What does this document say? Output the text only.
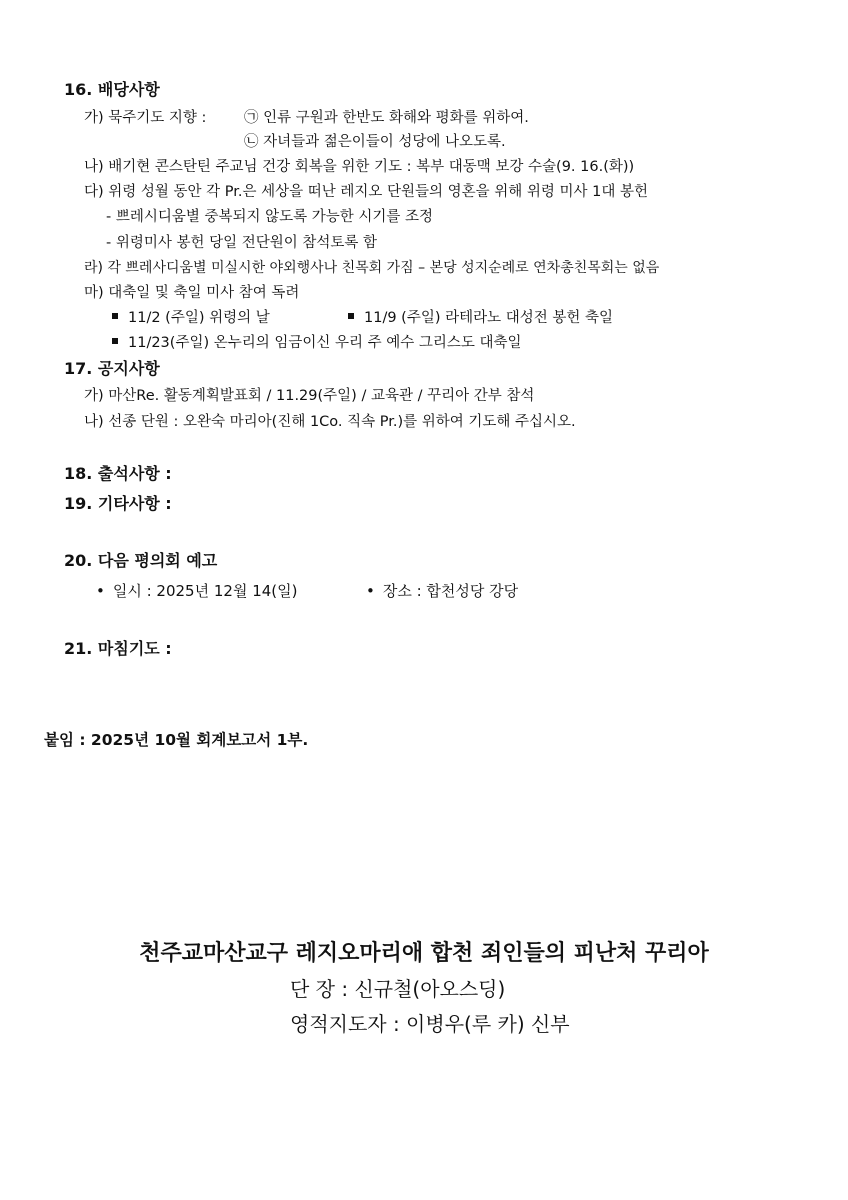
16. 배당사항
가) 묵주기도 지향 :	㉠ 인류 구원과 한반도 화해와 평화를 위하여.
㉡ 자녀들과 젊은이들이 성당에 나오도록.
나) 배기현 콘스탄틴 주교님 건강 회복을 위한 기도 : 복부 대동맥 보강 수술(9. 16.(화))
다) 위령 성월 동안 각 Pr.은 세상을 떠난 레지오 단원들의 영혼을 위해 위령 미사 1대 봉헌
- 쁘레시디움별 중복되지 않도록 가능한 시기를 조정
- 위령미사 봉헌 당일 전단원이 참석토록 함
라) 각 쁘레사디움별 미실시한 야외행사나 친목회 가짐 – 본당 성지순례로 연차총친목회는 없음
마) 대축일 및 축일 미사 참여 독려
11/2 (주일) 위령의 날	11/9 (주일) 라테라노 대성전 봉헌 축일
11/23(주일) 온누리의 임금이신 우리 주 예수 그리스도 대축일
17. 공지사항
가) 마산Re. 활동계획발표회 / 11.29(주일) / 교육관 / 꾸리아 간부 참석
나) 선종 단원 : 오완숙 마리아(진해 1Co. 직속 Pr.)를 위하여 기도해 주십시오.
18. 출석사항 :
19. 기타사항 :
20. 다음 평의회 예고
• 일시 : 2025년 12월 14(일)	• 장소 : 합천성당 강당
21. 마침기도 :
붙임 : 2025년 10월 회계보고서 1부.
천주교마산교구 레지오마리애 합천 죄인들의 피난처 꾸리아
단 장 : 신규철(아오스딩)
영적지도자 : 이병우(루 카) 신부
